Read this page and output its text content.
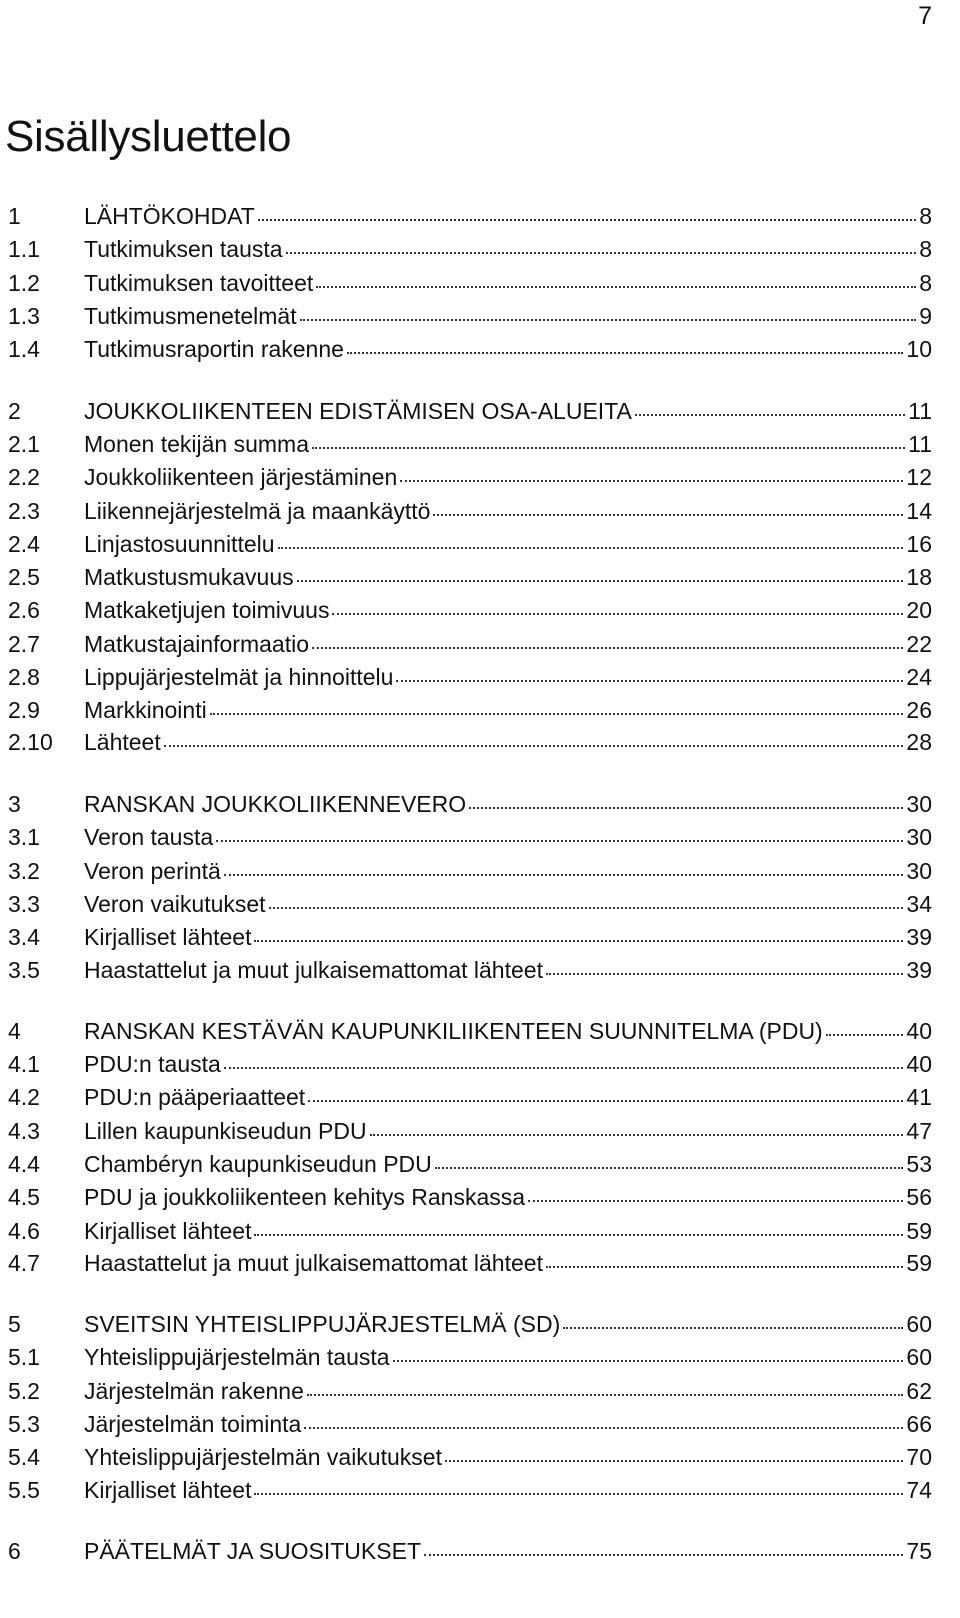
7
Sisällysluettelo
1	LÄHTÖKOHDAT	8
1.1	Tutkimuksen tausta	8
1.2	Tutkimuksen tavoitteet	8
1.3	Tutkimusmenetelmät	9
1.4	Tutkimusraportin rakenne	10
2	JOUKKOLIIKENTEEN EDISTÄMISEN OSA-ALUEITA	11
2.1	Monen tekijän summa	11
2.2	Joukkoliikenteen järjestäminen	12
2.3	Liikennejärjestelmä ja maankäyttö	14
2.4	Linjastosuunnittelu	16
2.5	Matkustusmukavuus	18
2.6	Matkaketjujen toimivuus	20
2.7	Matkustajainformaatio	22
2.8	Lippujärjestelmät ja hinnoittelu	24
2.9	Markkinointi	26
2.10	Lähteet	28
3	RANSKAN JOUKKOLIIKENNEVERO	30
3.1	Veron tausta	30
3.2	Veron perintä	30
3.3	Veron vaikutukset	34
3.4	Kirjalliset lähteet	39
3.5	Haastattelut ja muut julkaisemattomat lähteet	39
4	RANSKAN KESTÄVÄN KAUPUNKILIIKENTEEN SUUNNITELMA (PDU)	40
4.1	PDU:n tausta	40
4.2	PDU:n pääperiaatteet	41
4.3	Lillen kaupunkiseudun PDU	47
4.4	Chambéryn kaupunkiseudun PDU	53
4.5	PDU ja joukkoliikenteen kehitys Ranskassa	56
4.6	Kirjalliset lähteet	59
4.7	Haastattelut ja muut julkaisemattomat lähteet	59
5	SVEITSIN YHTEISLIPPUJÄRJESTELMÄ (SD)	60
5.1	Yhteislippujärjestelmän tausta	60
5.2	Järjestelmän rakenne	62
5.3	Järjestelmän toiminta	66
5.4	Yhteislippujärjestelmän vaikutukset	70
5.5	Kirjalliset lähteet	74
6	PÄÄTELMÄT JA SUOSITUKSET	75
